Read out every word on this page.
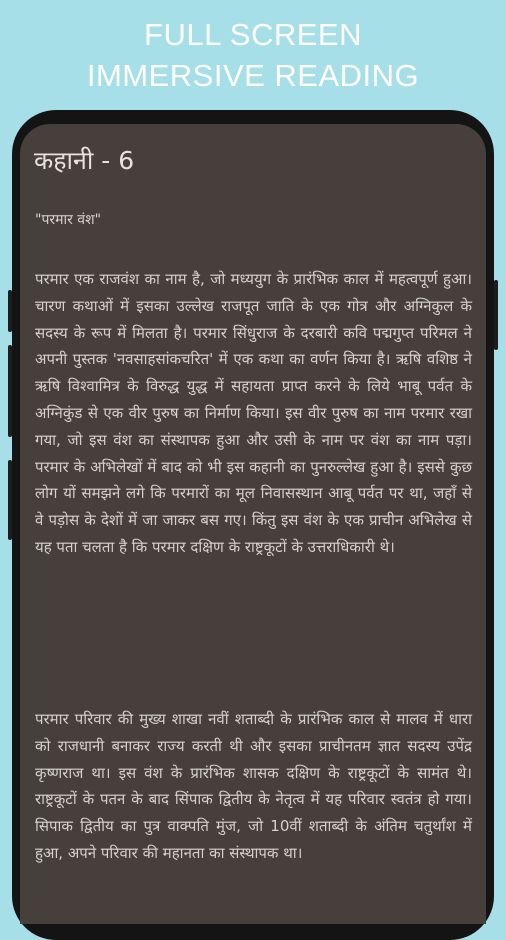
FULL SCREEN
IMMERSIVE READING
कहानी - 6
"परमार वंश"

परमार एक राजवंश का नाम है, जो मध्ययुग के प्रारंभिक काल में महत्वपूर्ण हुआ। चारण कथाओं में इसका उल्लेख राजपूत जाति के एक गोत्र और अग्निकुल के सदस्य के रूप में मिलता है। परमार सिंधुराज के दरबारी कवि पद्मगुप्त परिमल ने अपनी पुस्तक 'नवसाहसांकचरित' में एक कथा का वर्णन किया है। ऋषि वशिष्ठ ने ऋषि विश्वामित्र के विरुद्ध युद्ध में सहायता प्राप्त करने के लिये भाबू पर्वत के अग्निकुंड से एक वीर पुरुष का निर्माण किया। इस वीर पुरुष का नाम परमार रखा गया, जो इस वंश का संस्थापक हुआ और उसी के नाम पर वंश का नाम पड़ा। परमार के अभिलेखों में बाद को भी इस कहानी का पुनरुल्लेख हुआ है। इससे कुछ लोग यों समझने लगे कि परमारों का मूल निवासस्थान आबू पर्वत पर था, जहाँ से वे पड़ोस के देशों में जा जाकर बस गए। किंतु इस वंश के एक प्राचीन अभिलेख से यह पता चलता है कि परमार दक्षिण के राष्ट्रकूटों के उत्तराधिकारी थे।

परमार परिवार की मुख्य शाखा नवीं शताब्दी के प्रारंभिक काल से मालव में धारा को राजधानी बनाकर राज्य करती थी और इसका प्राचीनतम ज्ञात सदस्य उपेंद्र कृष्णराज था। इस वंश के प्रारंभिक शासक दक्षिण के राष्ट्रकूटों के सामंत थे। राष्ट्रकूटों के पतन के बाद सिंपाक द्वितीय के नेतृत्व में यह परिवार स्वतंत्र हो गया। सिपाक द्वितीय का पुत्र वाक्पति मुंज, जो 10वीं शताब्दी के अंतिम चतुर्थांश में हुआ, अपने परिवार की महानता का संस्थापक था।
